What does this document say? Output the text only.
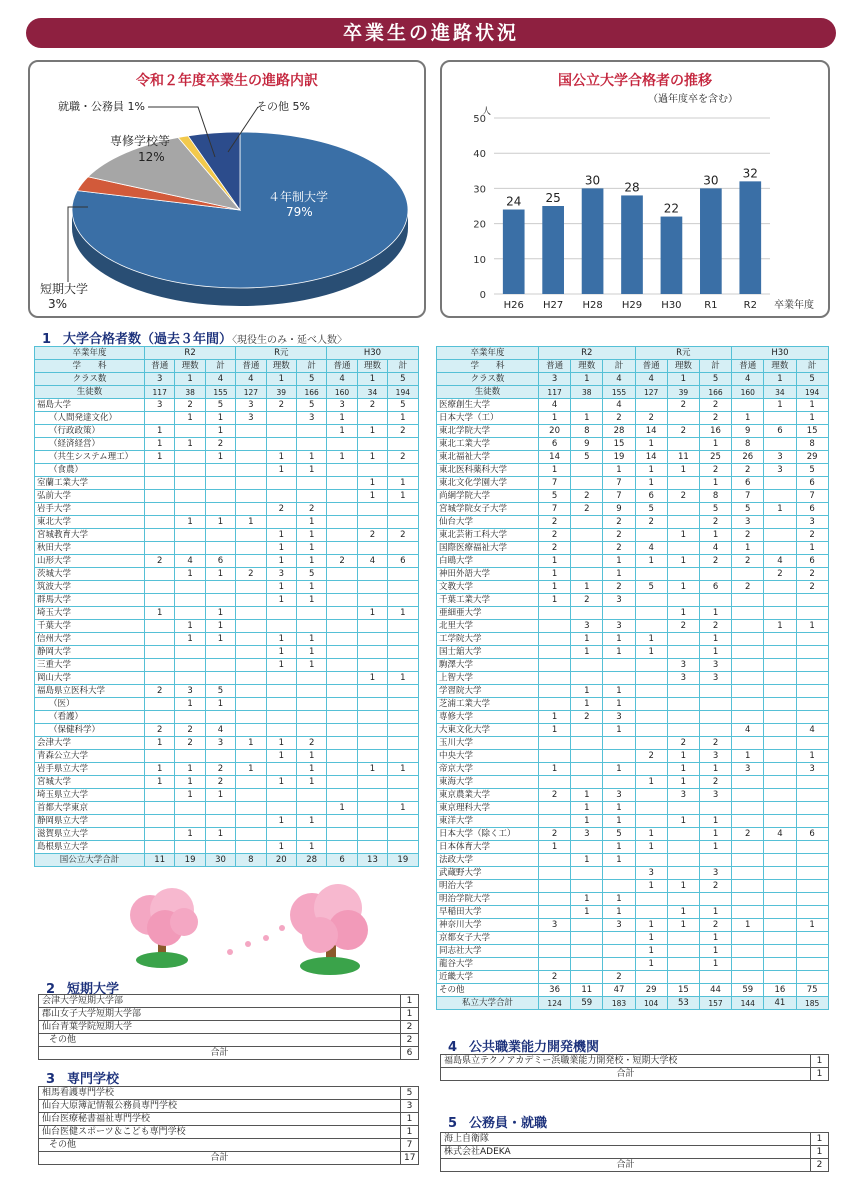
卒業生の進路状況
令和２年度卒業生の進路内訳
４年制大学
79%
短期大学
3%
専修学校等
12%
就職・公務員 1%	その他 5%
国公立大学合格者の推移
（過年度卒を含む）
0
10
20
30
40
50
人
24
H26
25
H27
30
H28
28
H29
22
H30
30
R1
32
R2 卒業年度
1 大学合格者数（過去３年間）〈現役生のみ・延べ人数〉
卒業年度	R2			R元			H30		
学　　科	普通	理数	計	普通	理数	計	普通	理数	計
クラス数	3	1	4	4	1	5	4	1	5
生徒数	117	38	155	127	39	166	160	34	194
福島大学	3	2	5	3	2	5	3	2	5
（人間発達文化）		1	1	3		3	1		1
（行政政策）	1		1				1	1	2
（経済経営）	1	1	2						
（共生システム理工）	1		1		1	1	1	1	2
（食農）					1	1			
室蘭工業大学								1	1
弘前大学								1	1
岩手大学					2	2			
東北大学		1	1	1		1			
宮城教育大学					1	1		2	2
秋田大学					1	1			
山形大学	2	4	6		1	1	2	4	6
茨城大学		1	1	2	3	5			
筑波大学					1	1			
群馬大学					1	1			
埼玉大学	1		1					1	1
千葉大学		1	1						
信州大学		1	1		1	1			
静岡大学					1	1			
三重大学					1	1			
岡山大学								1	1
福島県立医科大学	2	3	5						
（医）		1	1						
（看護）									
（保健科学）	2	2	4						
会津大学	1	2	3	1	1	2			
青森公立大学					1	1			
岩手県立大学	1	1	2	1		1		1	1
宮城大学	1	1	2		1	1			
埼玉県立大学		1	1						
首都大学東京							1		1
静岡県立大学					1	1			
滋賀県立大学		1	1						
島根県立大学					1	1			
国公立大学合計	11	19	30	8	20	28	6	13	19
卒業年度	R2			R元			H30		
学　　科	普通	理数	計	普通	理数	計	普通	理数	計
クラス数	3	1	4	4	1	5	4	1	5
生徒数	117	38	155	127	39	166	160	34	194
医療創生大学	4		4		2	2		1	1
日本大学（工）	1	1	2	2		2	1		1
東北学院大学	20	8	28	14	2	16	9	6	15
東北工業大学	6	9	15	1		1	8		8
東北福祉大学	14	5	19	14	11	25	26	3	29
東北医科薬科大学	1		1	1	1	2	2	3	5
東北文化学園大学	7		7	1		1	6		6
尚絅学院大学	5	2	7	6	2	8	7		7
宮城学院女子大学	7	2	9	5		5	5	1	6
仙台大学	2		2	2		2	3		3
東北芸術工科大学	2		2		1	1	2		2
国際医療福祉大学	2		2	4		4	1		1
白鴎大学	1		1	1	1	2	2	4	6
神田外語大学	1		1					2	2
文教大学	1	1	2	5	1	6	2		2
千葉工業大学	1	2	3						
亜細亜大学					1	1			
北里大学		3	3		2	2		1	1
工学院大学		1	1	1		1			
国士舘大学		1	1	1		1			
駒澤大学					3	3			
上智大学					3	3			
学習院大学		1	1						
芝浦工業大学		1	1						
専修大学	1	2	3						
大東文化大学	1		1				4		4
玉川大学					2	2			
中央大学				2	1	3	1		1
帝京大学	1		1		1	1	3		3
東海大学				1	1	2			
東京農業大学	2	1	3		3	3			
東京理科大学		1	1						
東洋大学		1	1		1	1			
日本大学（除く工）	2	3	5	1		1	2	4	6
日本体育大学	1		1	1		1			
法政大学		1	1						
武蔵野大学				3		3			
明治大学				1	1	2			
明治学院大学		1	1						
早稲田大学		1	1		1	1			
神奈川大学	3		3	1	1	2	1		1
京都女子大学				1		1			
同志社大学				1		1			
龍谷大学				1		1			
近畿大学	2		2						
その他	36	11	47	29	15	44	59	16	75
私立大学合計	124	59	183	104	53	157	144	41	185
2 短期大学
会津大学短期大学部	1
郡山女子大学短期大学部	1
仙台青葉学院短期大学	2
その他	2
合計	6
3 専門学校
相馬看護専門学校	5
仙台大原簿記情報公務員専門学校	3
仙台医療秘書福祉専門学校	1
仙台医健スポーツ＆こども専門学校	1
その他	7
合計	17
4 公共職業能力開発機関
福島県立テクノアカデミー浜職業能力開発校・短期大学校	1
合計	1
5 公務員・就職
海上自衛隊	1
株式会社ADEKA	1
合計	2
